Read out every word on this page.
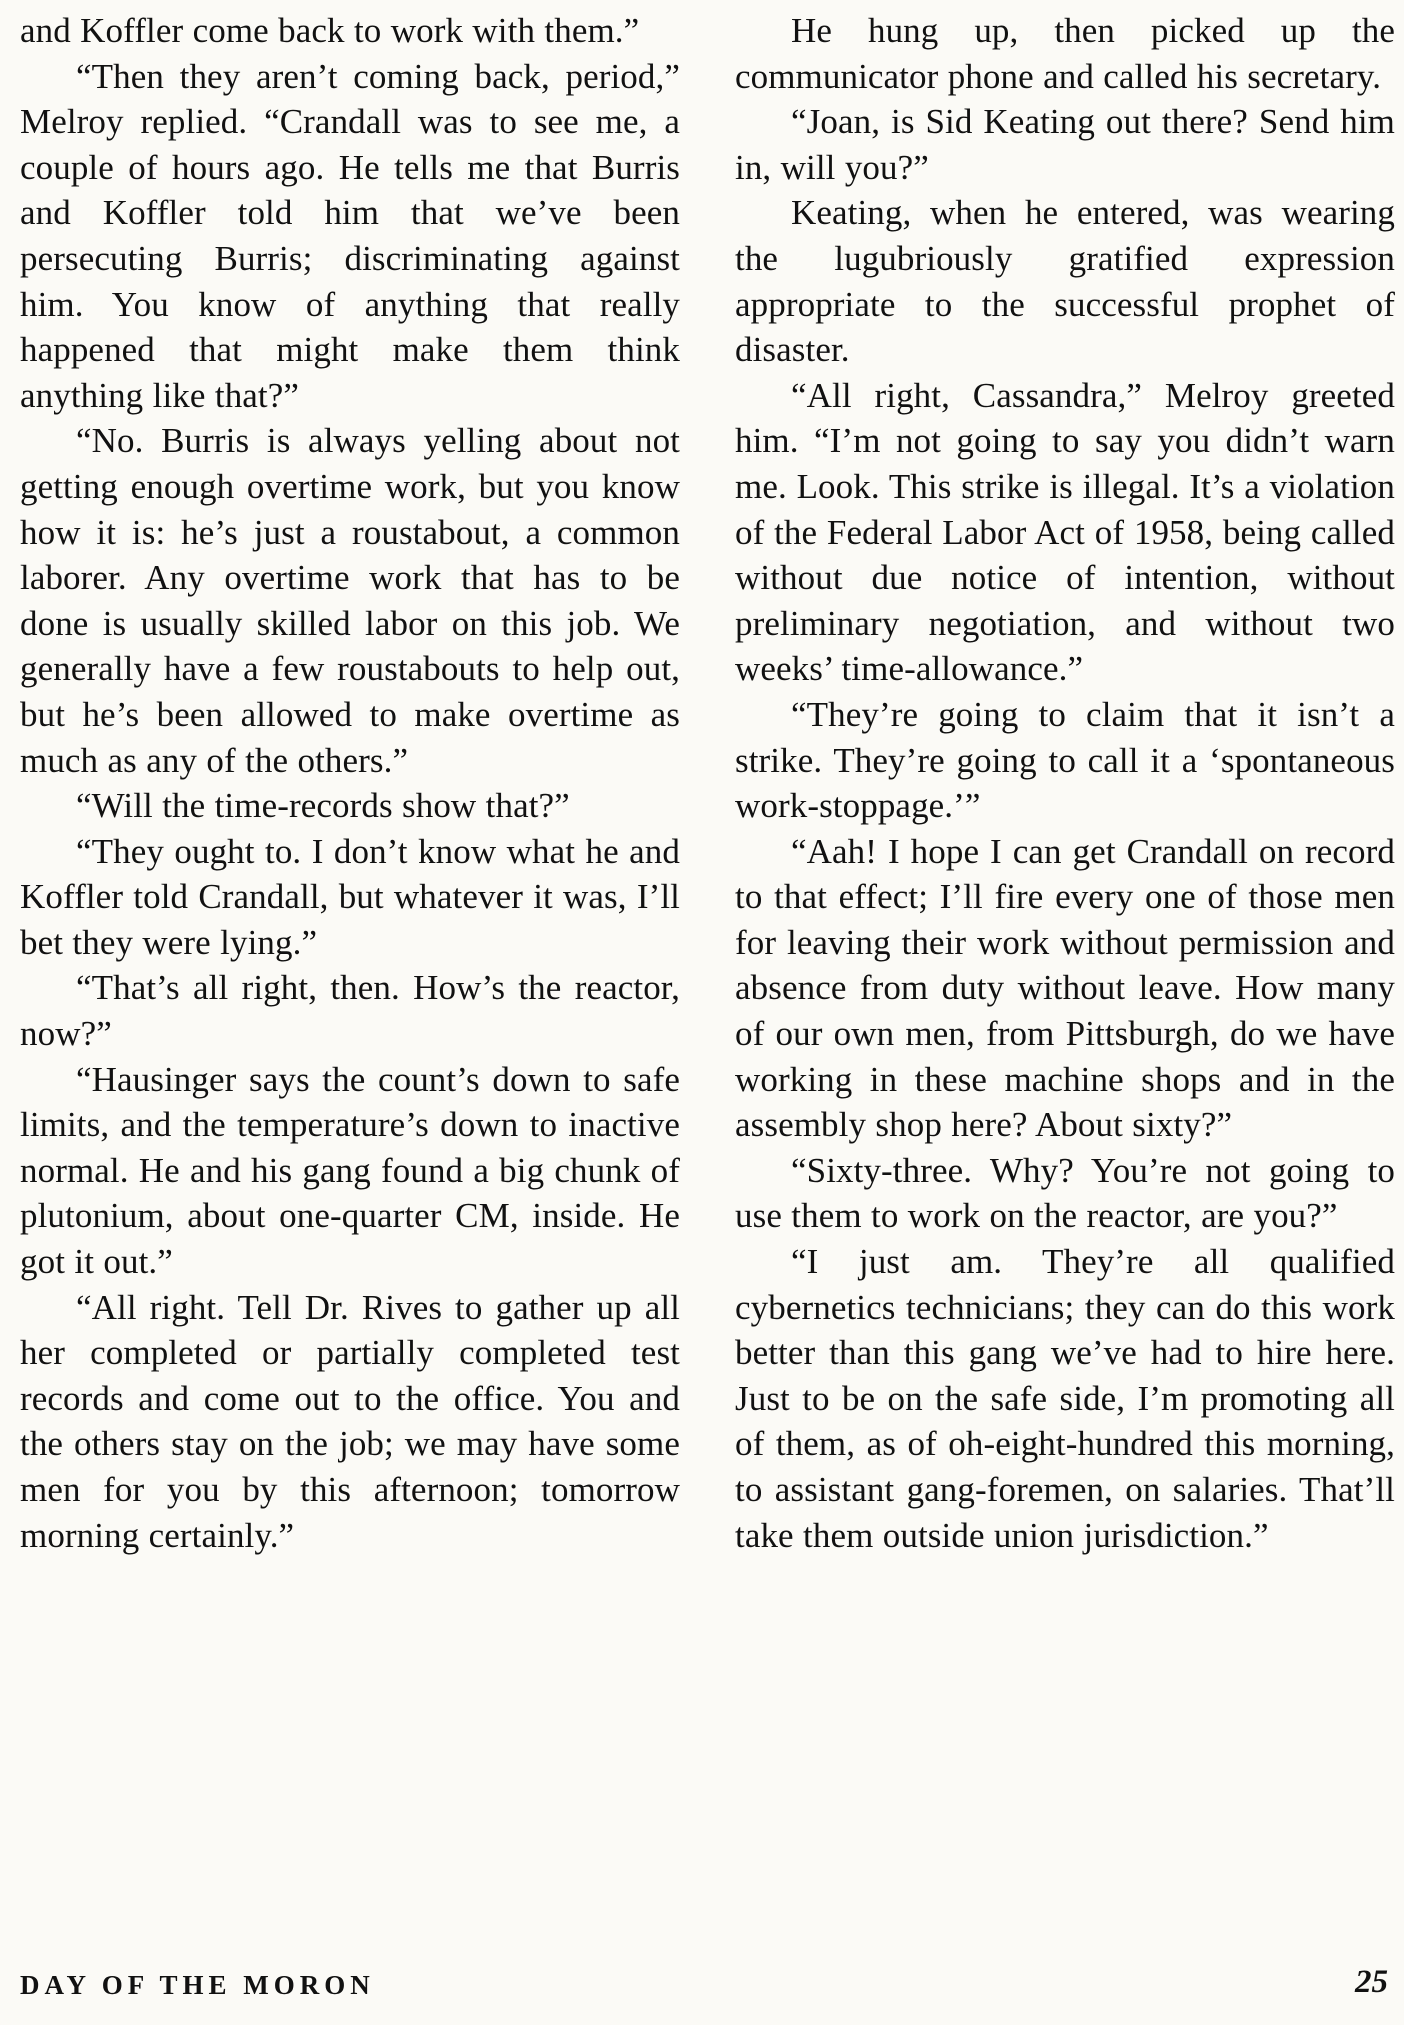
and Koffler come back to work with them.”

“Then they aren’t coming back, period,” Melroy replied. “Crandall was to see me, a couple of hours ago. He tells me that Burris and Koffler told him that we’ve been persecuting Burris; discriminating against him. You know of anything that really happened that might make them think anything like that?”

“No. Burris is always yelling about not getting enough overtime work, but you know how it is: he’s just a roustabout, a common laborer. Any overtime work that has to be done is usually skilled labor on this job. We generally have a few roustabouts to help out, but he’s been allowed to make overtime as much as any of the others.”

“Will the time-records show that?”

“They ought to. I don’t know what he and Koffler told Crandall, but whatever it was, I’ll bet they were lying.”

“That’s all right, then. How’s the reactor, now?”

“Hausinger says the count’s down to safe limits, and the temperature’s down to inactive normal. He and his gang found a big chunk of plutonium, about one-quarter CM, inside. He got it out.”

“All right. Tell Dr. Rives to gather up all her completed or partially completed test records and come out to the office. You and the others stay on the job; we may have some men for you by this afternoon; tomorrow morning certainly.”

He hung up, then picked up the communicator phone and called his secretary.

“Joan, is Sid Keating out there? Send him in, will you?”

Keating, when he entered, was wearing the lugubriously gratified expression appropriate to the successful prophet of disaster.

“All right, Cassandra,” Melroy greeted him. “I’m not going to say you didn’t warn me. Look. This strike is illegal. It’s a violation of the Federal Labor Act of 1958, being called without due notice of intention, without preliminary negotiation, and without two weeks’ time-allowance.”

“They’re going to claim that it isn’t a strike. They’re going to call it a ‘spontaneous work-stoppage.’”

“Aah! I hope I can get Crandall on record to that effect; I’ll fire every one of those men for leaving their work without permission and absence from duty without leave. How many of our own men, from Pittsburgh, do we have working in these machine shops and in the assembly shop here? About sixty?”

“Sixty-three. Why? You’re not going to use them to work on the reactor, are you?”

“I just am. They’re all qualified cybernetics technicians; they can do this work better than this gang we’ve had to hire here. Just to be on the safe side, I’m promoting all of them, as of oh-eight-hundred this morning, to assistant gang-foremen, on salaries. That’ll take them outside union jurisdiction.”

DAY OF THE MORON	25
